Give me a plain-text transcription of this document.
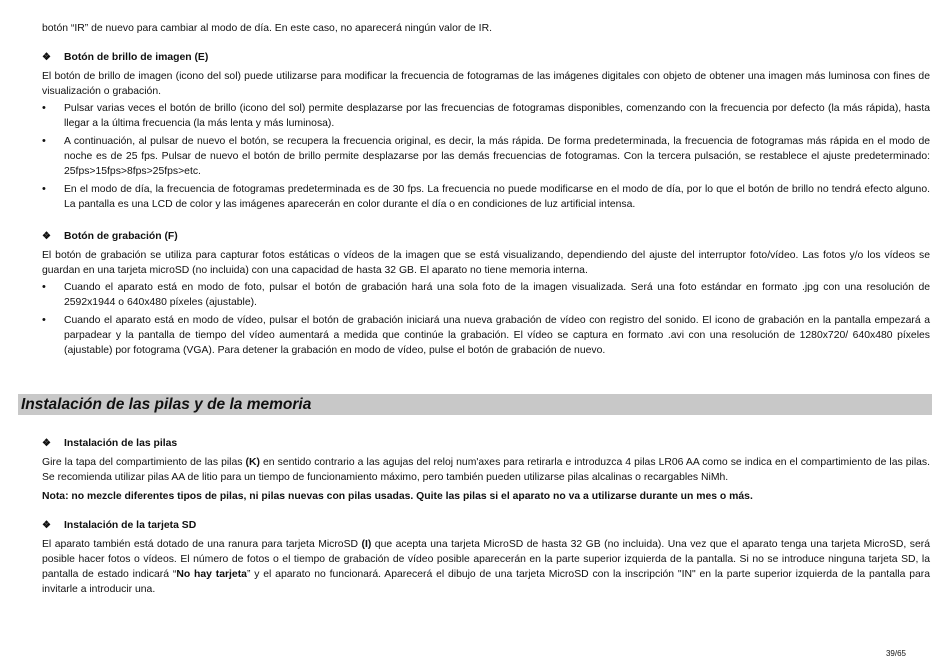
botón “IR” de nuevo para cambiar al modo de día. En este caso, no aparecerá ningún valor de IR.

❖	Botón de brillo de imagen (E)

El botón de brillo de imagen (icono del sol) puede utilizarse para modificar la frecuencia de fotogramas de las imágenes digitales con objeto de obtener una imagen más luminosa con fines de visualización o grabación.

• Pulsar varias veces el botón de brillo (icono del sol) permite desplazarse por las frecuencias de fotogramas disponibles, comenzando con la frecuencia por defecto (la más rápida), hasta llegar a la última frecuencia (la más lenta y más luminosa).
• A continuación, al pulsar de nuevo el botón, se recupera la frecuencia original, es decir, la más rápida. De forma predeterminada, la frecuencia de fotogramas más rápida en el modo de noche es de 25 fps. Pulsar de nuevo el botón de brillo permite desplazarse por las demás frecuencias de fotogramas. Con la tercera pulsación, se restablece el ajuste predeterminado: 25fps>15fps>8fps>25fps>etc.
• En el modo de día, la frecuencia de fotogramas predeterminada es de 30 fps. La frecuencia no puede modificarse en el modo de día, por lo que el botón de brillo no tendrá efecto alguno. La pantalla es una LCD de color y las imágenes aparecerán en color durante el día o en condiciones de luz artificial intensa.
❖	Botón de grabación (F)

El botón de grabación se utiliza para capturar fotos estáticas o vídeos de la imagen que se está visualizando, dependiendo del ajuste del interruptor foto/vídeo. Las fotos y/o los vídeos se guardan en una tarjeta microSD (no incluida) con una capacidad de hasta 32 GB. El aparato no tiene memoria interna.

• Cuando el aparato está en modo de foto, pulsar el botón de grabación hará una sola foto de la imagen visualizada. Será una foto estándar en formato .jpg con una resolución de 2592x1944 o 640x480 píxeles (ajustable).
• Cuando el aparato está en modo de vídeo, pulsar el botón de grabación iniciará una nueva grabación de vídeo con registro del sonido. El icono de grabación en la pantalla empezará a parpadear y la pantalla de tiempo del vídeo aumentará a medida que continúe la grabación. El vídeo se captura en formato .avi con una resolución de 1280x720/ 640x480 píxeles (ajustable) por fotograma (VGA). Para detener la grabación en modo de vídeo, pulse el botón de grabación de nuevo.
Instalación de las pilas y de la memoria
❖	Instalación de las pilas

Gire la tapa del compartimiento de las pilas (K) en sentido contrario a las agujas del reloj num'axes para retirarla e introduzca 4 pilas LR06 AA como se indica en el compartimiento de las pilas. Se recomienda utilizar pilas AA de litio para un tiempo de funcionamiento máximo, pero también pueden utilizarse pilas alcalinas o recargables NiMh.

Nota: no mezcle diferentes tipos de pilas, ni pilas nuevas con pilas usadas. Quite las pilas si el aparato no va a utilizarse durante un mes o más.

❖	Instalación de la tarjeta SD

El aparato también está dotado de una ranura para tarjeta MicroSD (I) que acepta una tarjeta MicroSD de hasta 32 GB (no incluida). Una vez que el aparato tenga una tarjeta MicroSD, será posible hacer fotos o vídeos. El número de fotos o el tiempo de grabación de vídeo posible aparecerán en la parte superior izquierda de la pantalla. Si no se introduce ninguna tarjeta SD, la pantalla de estado indicará “No hay tarjeta” y el aparato no funcionará. Aparecerá el dibujo de una tarjeta MicroSD con la inscripción "IN" en la parte superior izquierda de la pantalla para invitarle a introducir una.

39/65
